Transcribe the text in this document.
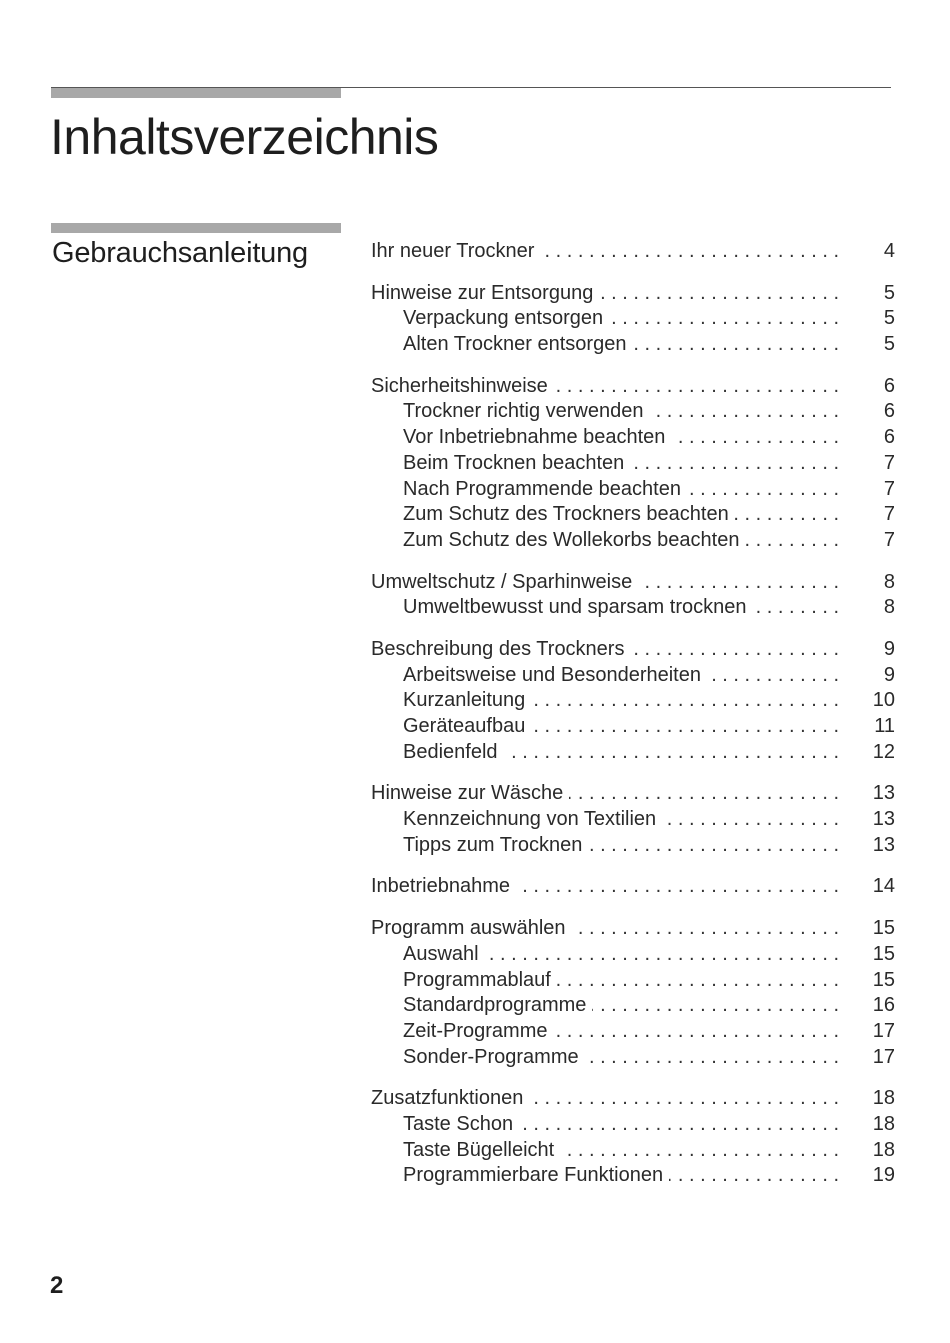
Inhaltsverzeichnis
Gebrauchsanleitung	Ihr neuer Trockner . . .	4
Hinweise zur Entsorgung . . .	5
Verpackung entsorgen . . .	5
Alten Trockner entsorgen . . .	5
Sicherheitshinweise . . .	6
Trockner richtig verwenden . . .	6
Vor Inbetriebnahme beachten . . .	6
Beim Trocknen beachten . . .	7
Nach Programmende beachten . . .	7
Zum Schutz des Trockners beachten . . .	7
Zum Schutz des Wollekorbs beachten . . .	7
Umweltschutz / Sparhinweise . . .	8
Umweltbewusst und sparsam trocknen . . .	8
Beschreibung des Trockners . . .	9
Arbeitsweise und Besonderheiten . . .	9
Kurzanleitung . . .	10
Geräteaufbau . . .	11
Bedienfeld . . .	12
Hinweise zur Wäsche . . .	13
Kennzeichnung von Textilien . . .	13
Tipps zum Trocknen . . .	13
Inbetriebnahme . . .	14
Programm auswählen . . .	15
Auswahl . . .	15
Programmablauf . . .	15
Standardprogramme . . .	16
Zeit-Programme . . .	17
Sonder-Programme . . .	17
Zusatzfunktionen . . .	18
Taste Schon . . .	18
Taste Bügelleicht . . .	18
Programmierbare Funktionen . . .	19

2
